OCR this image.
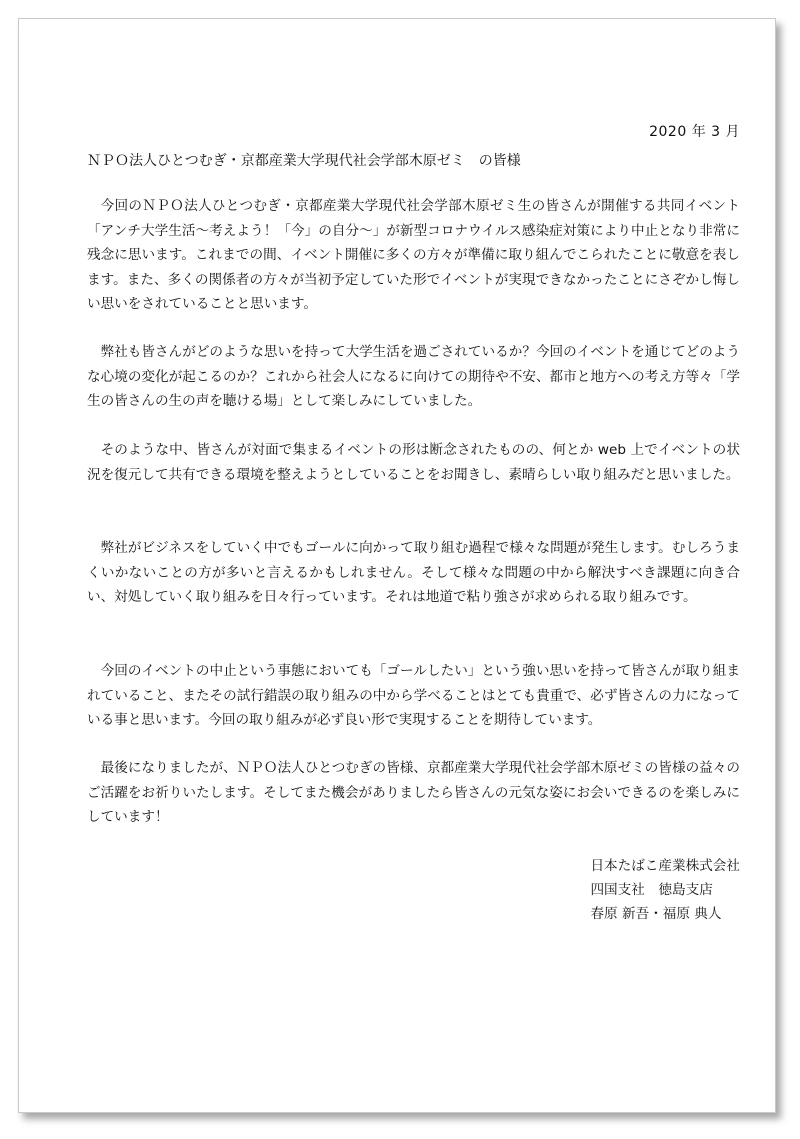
2020 年 3 月
ＮＰＯ法人ひとつむぎ・京都産業大学現代社会学部木原ゼミ　の皆様

今回のＮＰＯ法人ひとつむぎ・京都産業大学現代社会学部木原ゼミ生の皆さんが開催する共同イベント「アンチ大学生活～考えよう！「今」の自分～」が新型コロナウイルス感染症対策により中止となり非常に残念に思います。これまでの間、イベント開催に多くの方々が準備に取り組んでこられたことに敬意を表します。また、多くの関係者の方々が当初予定していた形でイベントが実現できなかったことにさぞかし悔しい思いをされていることと思います。

弊社も皆さんがどのような思いを持って大学生活を過ごされているか？今回のイベントを通じてどのような心境の変化が起こるのか？これから社会人になるに向けての期待や不安、都市と地方への考え方等々「学生の皆さんの生の声を聴ける場」として楽しみにしていました。

そのような中、皆さんが対面で集まるイベントの形は断念されたものの、何とか web 上でイベントの状況を復元して共有できる環境を整えようとしていることをお聞きし、素晴らしい取り組みだと思いました。

弊社がビジネスをしていく中でもゴールに向かって取り組む過程で様々な問題が発生します。むしろうまくいかないことの方が多いと言えるかもしれません。そして様々な問題の中から解決すべき課題に向き合い、対処していく取り組みを日々行っています。それは地道で粘り強さが求められる取り組みです。

今回のイベントの中止という事態においても「ゴールしたい」という強い思いを持って皆さんが取り組まれていること、またその試行錯誤の取り組みの中から学べることはとても貴重で、必ず皆さんの力になっている事と思います。今回の取り組みが必ず良い形で実現することを期待しています。

最後になりましたが、ＮＰＯ法人ひとつむぎの皆様、京都産業大学現代社会学部木原ゼミの皆様の益々のご活躍をお祈りいたします。そしてまた機会がありましたら皆さんの元気な姿にお会いできるのを楽しみにしています！

日本たばこ産業株式会社
四国支社　徳島支店
春原 新吾・福原 典人
